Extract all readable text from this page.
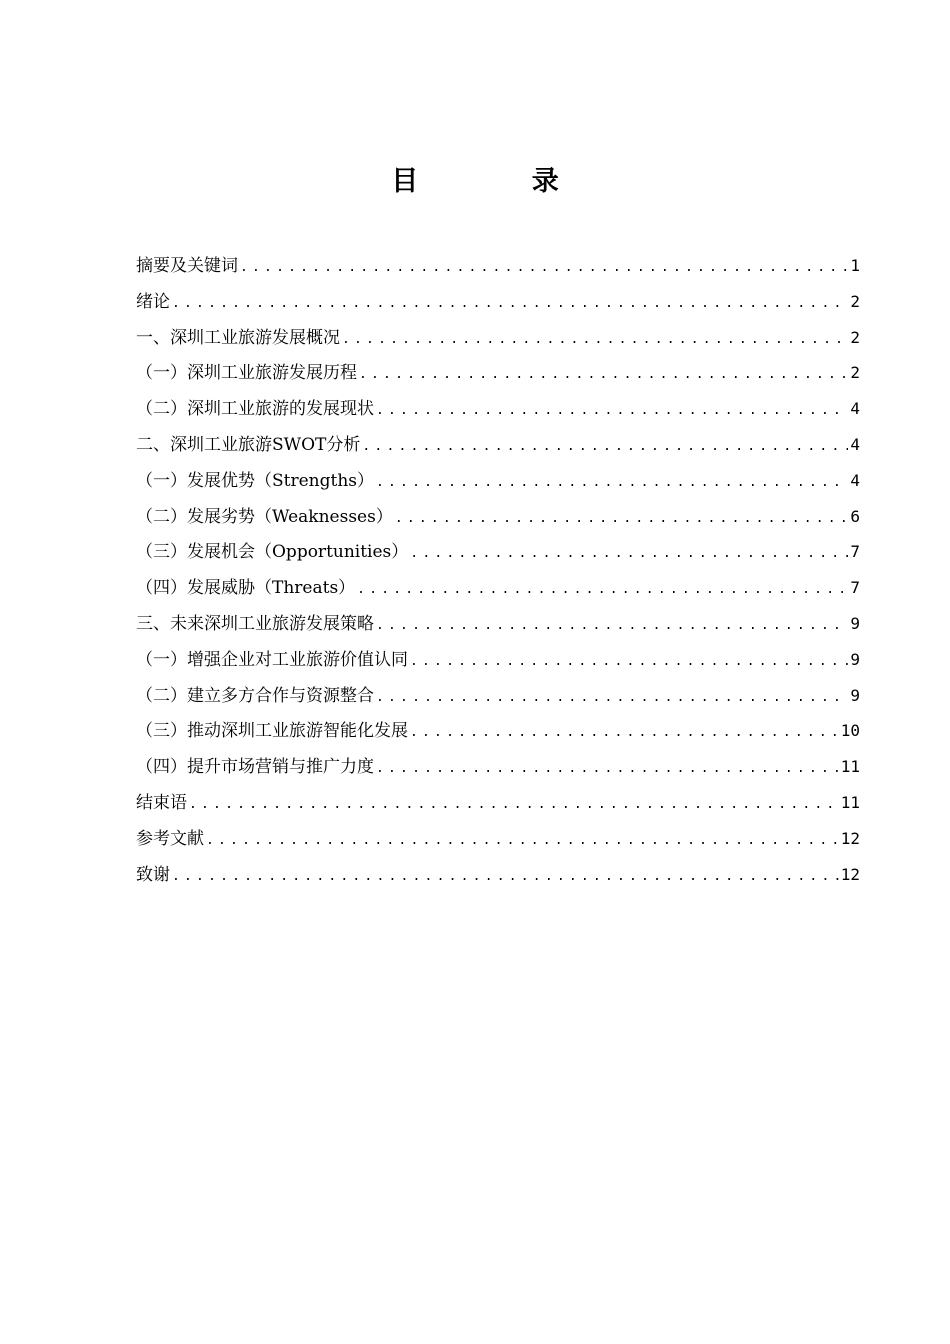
目 录
摘要及关键词 .....	1
绪论 .....	2
一、深圳工业旅游发展概况 .....	2
（一）深圳工业旅游发展历程 .....	2
（二）深圳工业旅游的发展现状 .....	4
二、深圳工业旅游SWOT分析 .....	4
（一）发展优势（Strengths） .....	4
（二）发展劣势（Weaknesses） .....	6
（三）发展机会（Opportunities） .....	7
（四）发展威胁（Threats） .....	7
三、未来深圳工业旅游发展策略 .....	9
（一）增强企业对工业旅游价值认同 .....	9
（二）建立多方合作与资源整合 .....	9
（三）推动深圳工业旅游智能化发展 .....	10
（四）提升市场营销与推广力度 .....	11
结束语 .....	11
参考文献 .....	12
致谢 .....	12
